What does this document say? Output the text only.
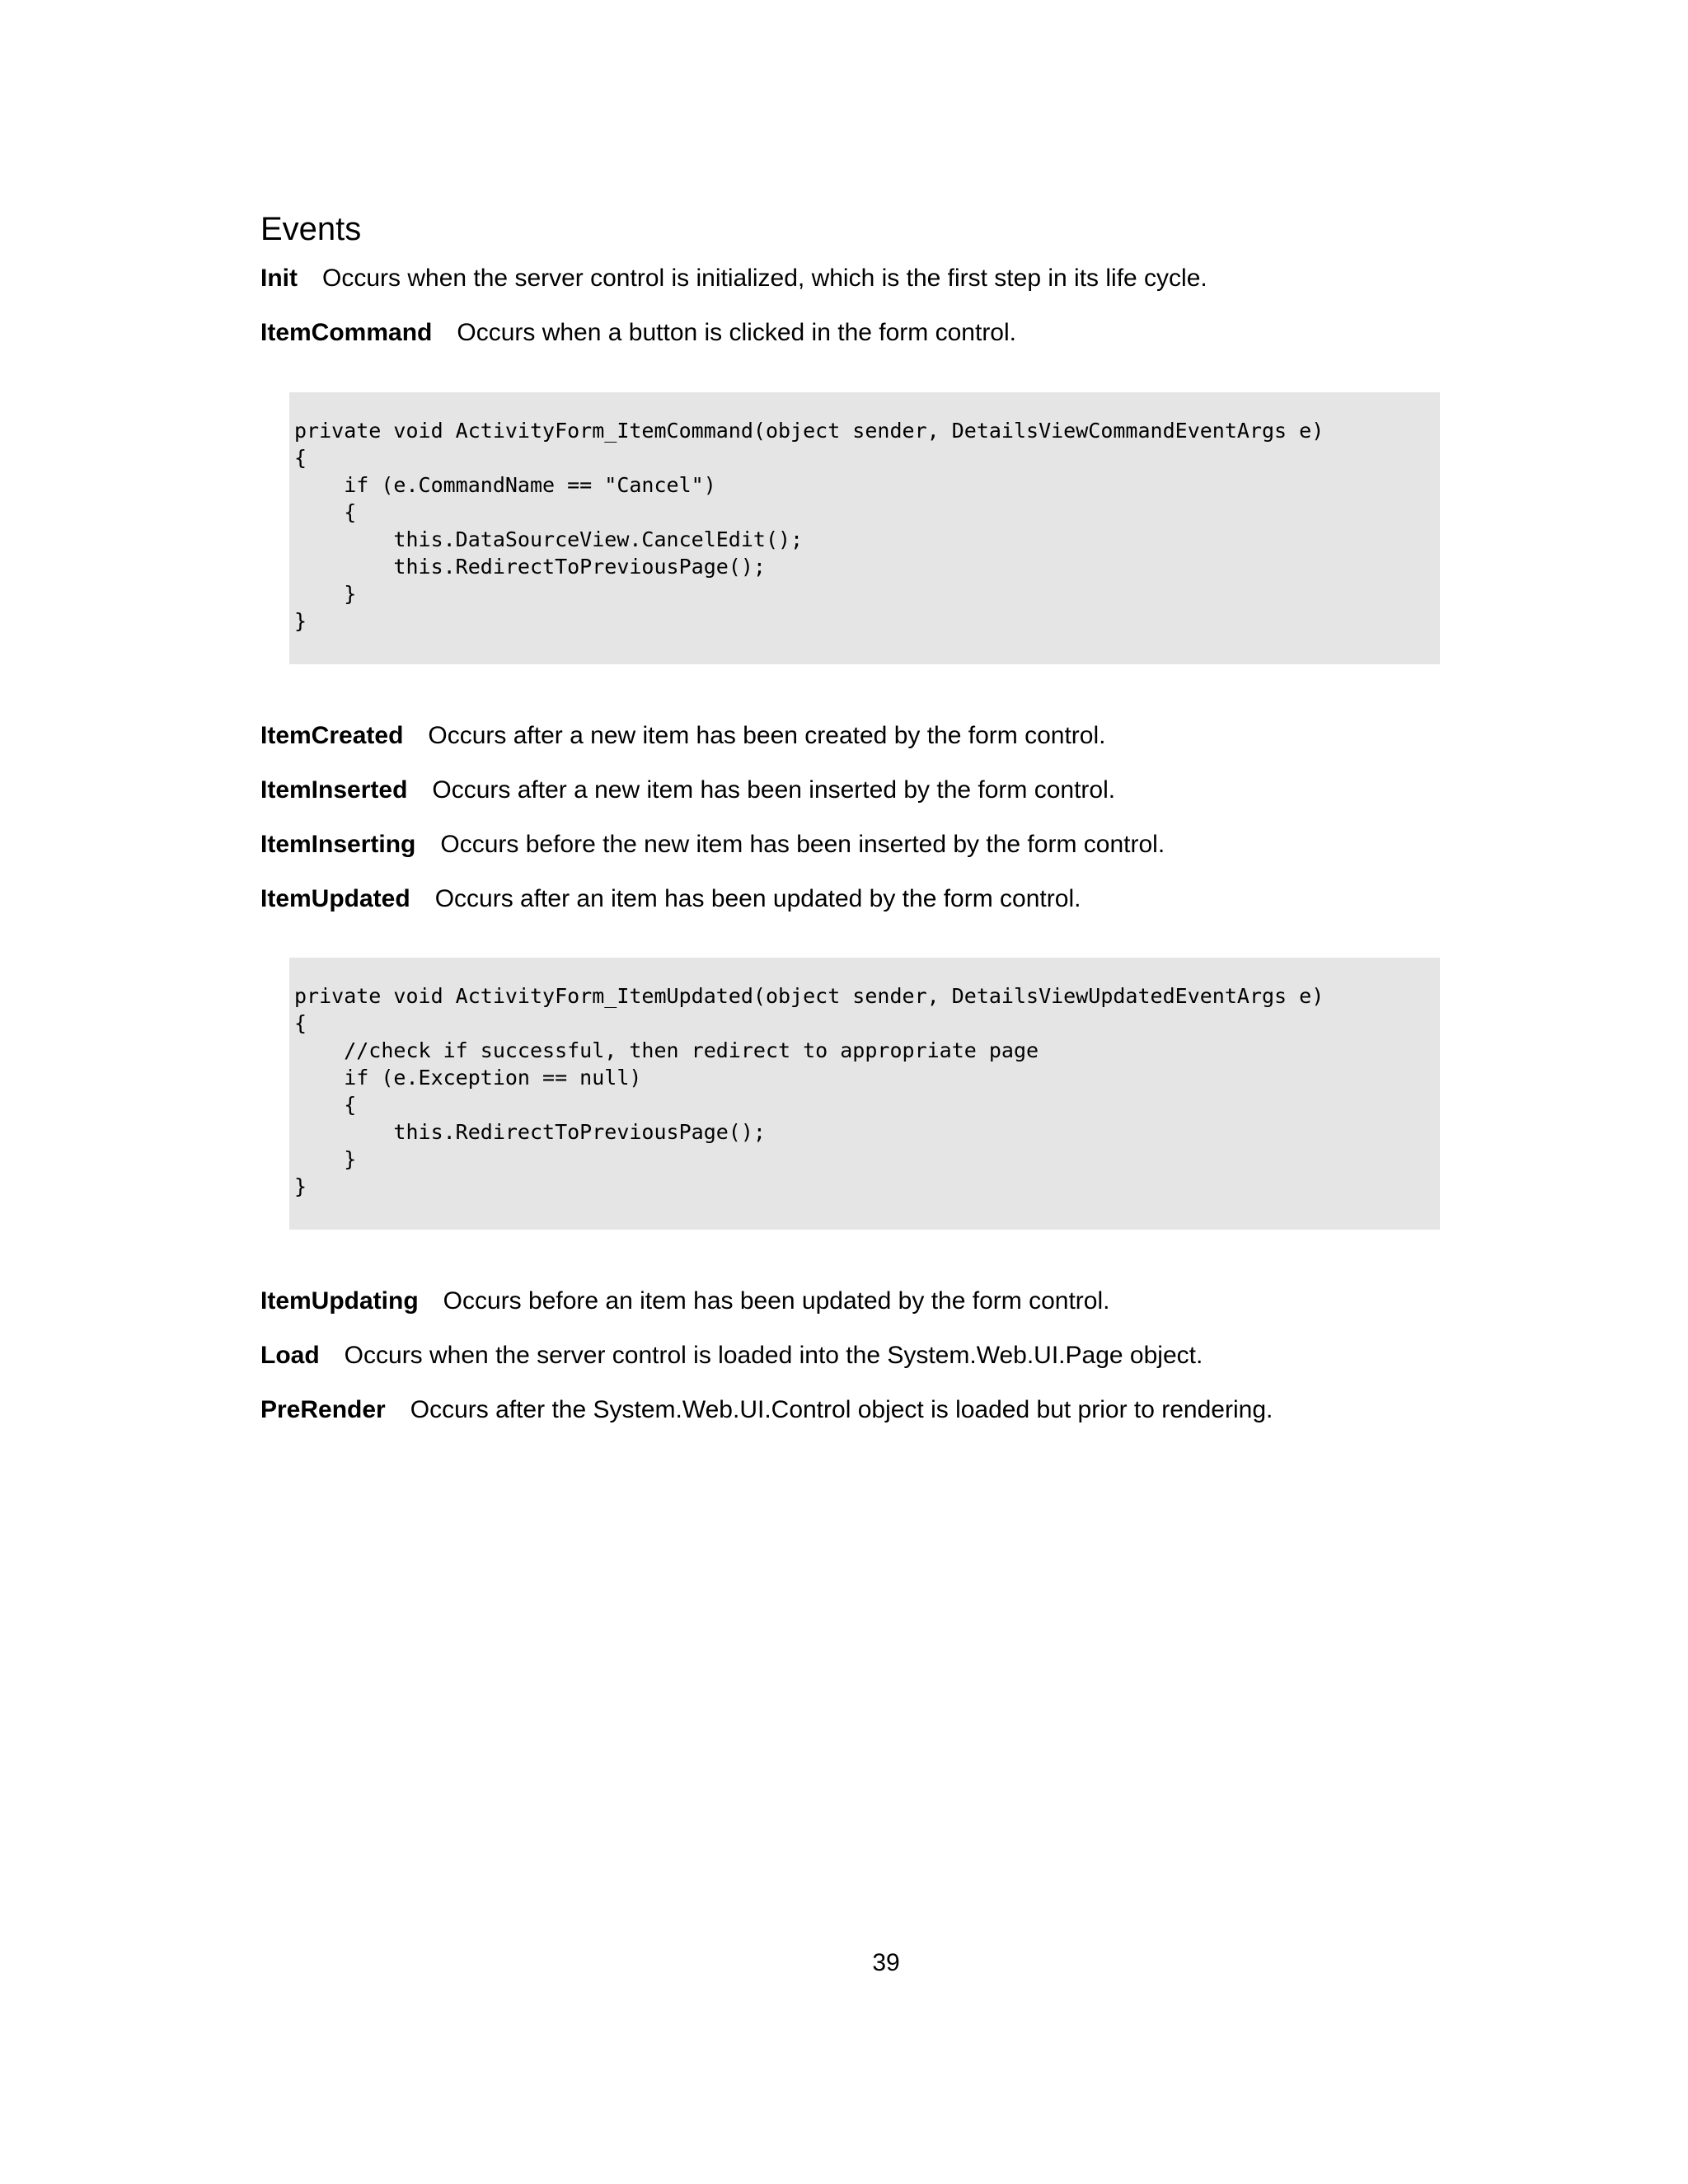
Events

Init Occurs when the server control is initialized, which is the first step in its life cycle.

ItemCommand Occurs when a button is clicked in the form control.

private void ActivityForm_ItemCommand(object sender, DetailsViewCommandEventArgs e)
{
if (e.CommandName == "Cancel")
{
this.DataSourceView.CancelEdit();
this.RedirectToPreviousPage();
}
}

ItemCreated Occurs after a new item has been created by the form control.

ItemInserted Occurs after a new item has been inserted by the form control.

ItemInserting Occurs before the new item has been inserted by the form control.

ItemUpdated Occurs after an item has been updated by the form control.

private void ActivityForm_ItemUpdated(object sender, DetailsViewUpdatedEventArgs e)
{
//check if successful, then redirect to appropriate page
if (e.Exception == null)
{
this.RedirectToPreviousPage();
}
}

ItemUpdating Occurs before an item has been updated by the form control.

Load Occurs when the server control is loaded into the System.Web.UI.Page object.

PreRender Occurs after the System.Web.UI.Control object is loaded but prior to rendering.

39
